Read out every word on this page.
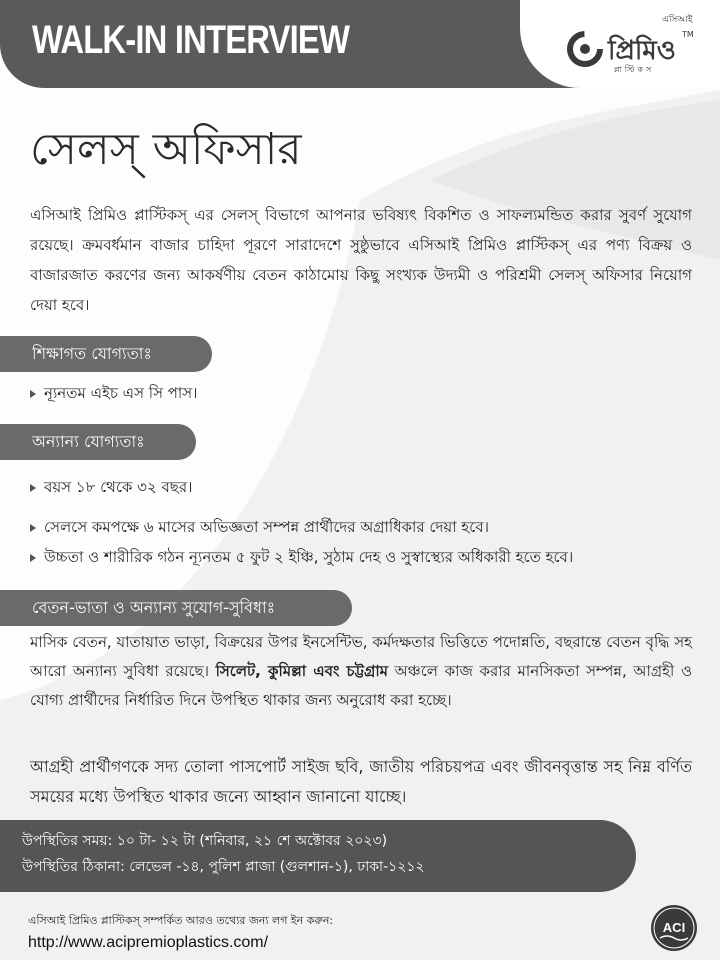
WALK-IN INTERVIEW	এসিআই
প্রিমিও
TM
প্লাস্টিকস
সেলস্ অফিসার
এসিআই প্রিমিও প্লাস্টিকস্ এর সেলস্ বিভাগে আপনার ভবিষ্যৎ বিকশিত ও সাফল্যমন্ডিত করার সুবর্ণ সুযোগ রয়েছে। ক্রমবর্ধমান বাজার চাহিদা পূরণে সারাদেশে সুষ্ঠুভাবে এসিআই প্রিমিও প্লাস্টিকস্ এর পণ্য বিক্রয় ও বাজারজাত করণের জন্য আকর্ষণীয় বেতন কাঠামোয় কিছু সংখ্যক উদ্যমী ও পরিশ্রমী সেলস্ অফিসার নিয়োগ দেয়া হবে।
শিক্ষাগত যোগ্যতাঃ
ন্যূনতম এইচ এস সি পাস।
অন্যান্য যোগ্যতাঃ
বয়স ১৮ থেকে ৩২ বছর।
সেলসে কমপক্ষে ৬ মাসের অভিজ্ঞতা সম্পন্ন প্রার্থীদের অগ্রাধিকার দেয়া হবে।
উচ্চতা ও শারীরিক গঠন ন্যূনতম ৫ ফুট ২ ইঞ্চি, সুঠাম দেহ ও সুস্বাস্থ্যের অধিকারী হতে হবে।
বেতন-ভাতা ও অন্যান্য সুযোগ-সুবিধাঃ
মাসিক বেতন, যাতায়াত ভাড়া, বিক্রয়ের উপর ইনসেন্টিভ, কর্মদক্ষতার ভিত্তিতে পদোন্নতি, বছরান্তে বেতন বৃদ্ধি সহ আরো অন্যান্য সুবিধা রয়েছে। সিলেট, কুমিল্লা এবং চট্টগ্রাম অঞ্চলে কাজ করার মানসিকতা সম্পন্ন, আগ্রহী ও যোগ্য প্রার্থীদের নির্ধারিত দিনে উপস্থিত থাকার জন্য অনুরোধ করা হচ্ছে।
আগ্রহী প্রার্থীগণকে সদ্য তোলা পাসপোর্ট সাইজ ছবি, জাতীয় পরিচয়পত্র এবং জীবনবৃত্তান্ত সহ নিম্ন বর্ণিত সময়ের মধ্যে উপস্থিত থাকার জন্যে আহ্বান জানানো যাচ্ছে।
উপস্থিতির সময়: ১০ টা- ১২ টা (শনিবার, ২১ শে অক্টোবর ২০২৩)
উপস্থিতির ঠিকানা: লেভেল -১৪, পুলিশ প্লাজা (গুলশান-১), ঢাকা-১২১২
এসিআই প্রিমিও প্লাস্টিকস্ সম্পর্কিত আরও তথ্যের জন্য লগ ইন করুন:
http://www.acipremioplastics.com/
ACI
